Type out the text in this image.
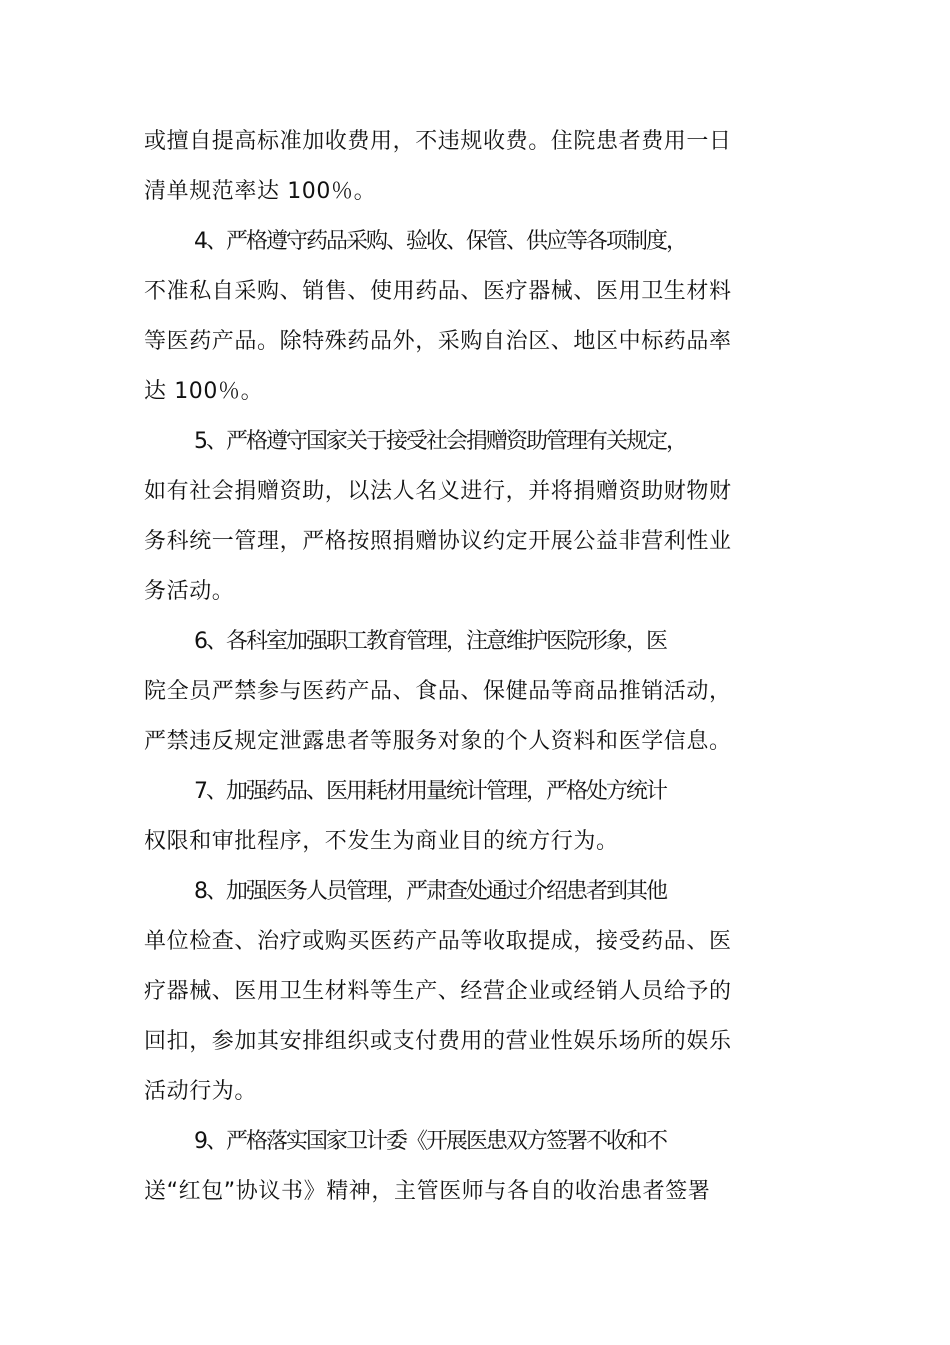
或擅自提高标准加收费用，不违规收费。住院患者费用一日
清单规范率达 100％。
4、严格遵守药品采购、验收、保管、供应等各项制度，
不准私自采购、销售、使用药品、医疗器械、医用卫生材料
等医药产品。除特殊药品外，采购自治区、地区中标药品率
达 100％。
5、严格遵守国家关于接受社会捐赠资助管理有关规定，
如有社会捐赠资助，以法人名义进行，并将捐赠资助财物财
务科统一管理，严格按照捐赠协议约定开展公益非营利性业
务活动。
6、各科室加强职工教育管理，注意维护医院形象，医
院全员严禁参与医药产品、食品、保健品等商品推销活动，
严禁违反规定泄露患者等服务对象的个人资料和医学信息。
7、加强药品、医用耗材用量统计管理，严格处方统计
权限和审批程序，不发生为商业目的统方行为。
8、加强医务人员管理，严肃查处通过介绍患者到其他
单位检查、治疗或购买医药产品等收取提成，接受药品、医
疗器械、医用卫生材料等生产、经营企业或经销人员给予的
回扣，参加其安排组织或支付费用的营业性娱乐场所的娱乐
活动行为。
9、严格落实国家卫计委《开展医患双方签署不收和不
送“红包”协议书》精神，主管医师与各自的收治患者签署
